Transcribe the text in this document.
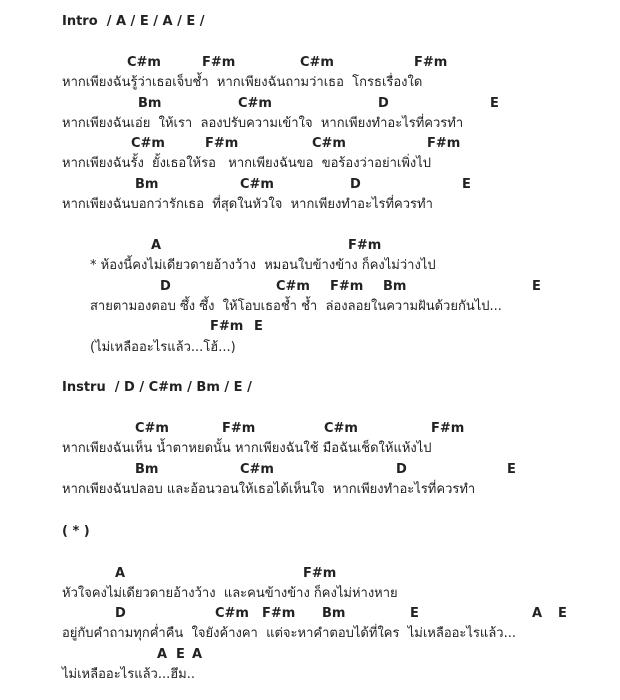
Intro  / A / E / A / E /
C#m	F#m	C#m	F#m
หากเพียงฉันรู้ว่าเธอเจ็บช้ำ  หากเพียงฉันถามว่าเธอ  โกรธเรื่องใด
Bm	C#m	D	E
หากเพียงฉันเอ่ย  ให้เรา  ลองปรับความเข้าใจ  หากเพียงทำอะไรที่ควรทำ
C#m	F#m	C#m	F#m
หากเพียงฉันรั้ง  ยั้งเธอให้รอ   หากเพียงฉันขอ  ขอร้องว่าอย่าเพิ่งไป
Bm	C#m	D	E
หากเพียงฉันบอกว่ารักเธอ  ที่สุดในหัวใจ  หากเพียงทำอะไรที่ควรทำ
A	F#m
* ห้องนี้คงไม่เดียวดายอ้างว้าง  หมอนใบข้างข้าง ก็คงไม่ว่างไป
D	C#m F#m Bm	E
สายตามองตอบ ซึ้ง ซึ้ง  ให้โอบเธอช้ำ ช้ำ  ล่องลอยในความฝันด้วยกันไป...
F#m E
(ไม่เหลืออะไรแล้ว...โฮ้...)
Instru  / D / C#m / Bm / E /
C#m	F#m	C#m	F#m
หากเพียงฉันเห็น น้ำตาหยดนั้น หากเพียงฉันใช้ มือฉันเช็ดให้แห้งไป
Bm	C#m	D	E
หากเพียงฉันปลอบ และอ้อนวอนให้เธอได้เห็นใจ  หากเพียงทำอะไรที่ควรทำ
( * )
A	F#m
หัวใจคงไม่เดียวดายอ้างว้าง  และคนข้างข้าง ก็คงไม่ห่างหาย
D	C#m F#m Bm	E	A E
อยู่กับคำถามทุกค่ำคืน  ใจยังค้างคา  แต่จะหาคำตอบได้ที่ใคร  ไม่เหลืออะไรแล้ว...
A E A
ไม่เหลืออะไรแล้ว...ฮึม..
